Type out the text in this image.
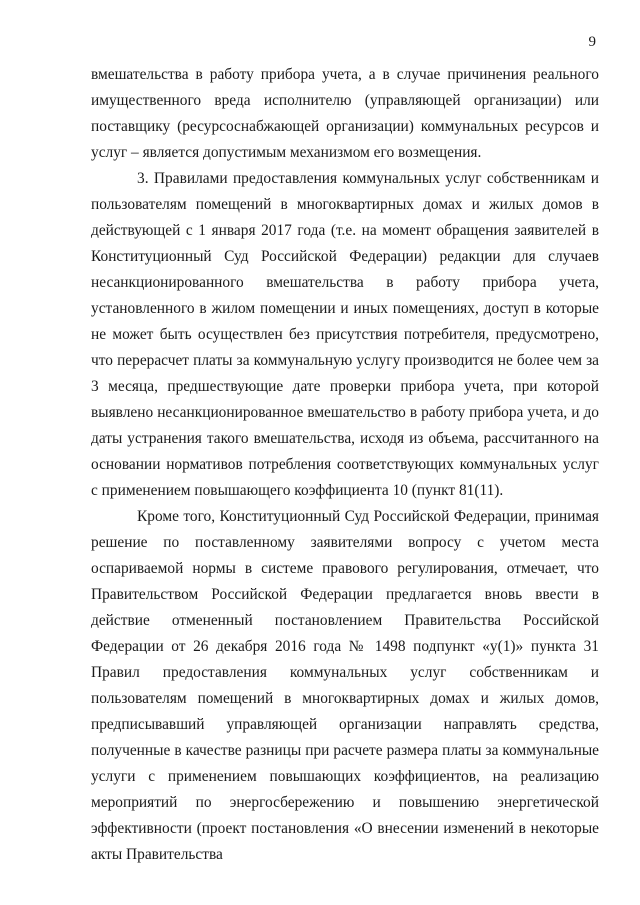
9

вмешательства в работу прибора учета, а в случае причинения реального имущественного вреда исполнителю (управляющей организации) или поставщику (ресурсоснабжающей организации) коммунальных ресурсов и услуг – является допустимым механизмом его возмещения.

3. Правилами предоставления коммунальных услуг собственникам и пользователям помещений в многоквартирных домах и жилых домов в действующей с 1 января 2017 года (т.е. на момент обращения заявителей в Конституционный Суд Российской Федерации) редакции для случаев несанкционированного вмешательства в работу прибора учета, установленного в жилом помещении и иных помещениях, доступ в которые не может быть осуществлен без присутствия потребителя, предусмотрено, что перерасчет платы за коммунальную услугу производится не более чем за 3 месяца, предшествующие дате проверки прибора учета, при которой выявлено несанкционированное вмешательство в работу прибора учета, и до даты устранения такого вмешательства, исходя из объема, рассчитанного на основании нормативов потребления соответствующих коммунальных услуг с применением повышающего коэффициента 10 (пункт 81(11).

Кроме того, Конституционный Суд Российской Федерации, принимая решение по поставленному заявителями вопросу с учетом места оспариваемой нормы в системе правового регулирования, отмечает, что Правительством Российской Федерации предлагается вновь ввести в действие отмененный постановлением Правительства Российской Федерации от 26 декабря 2016 года № 1498 подпункт «у(1)» пункта 31 Правил предоставления коммунальных услуг собственникам и пользователям помещений в многоквартирных домах и жилых домов, предписывавший управляющей организации направлять средства, полученные в качестве разницы при расчете размера платы за коммунальные услуги с применением повышающих коэффициентов, на реализацию мероприятий по энергосбережению и повышению энергетической эффективности (проект постановления «О внесении изменений в некоторые акты Правительства
